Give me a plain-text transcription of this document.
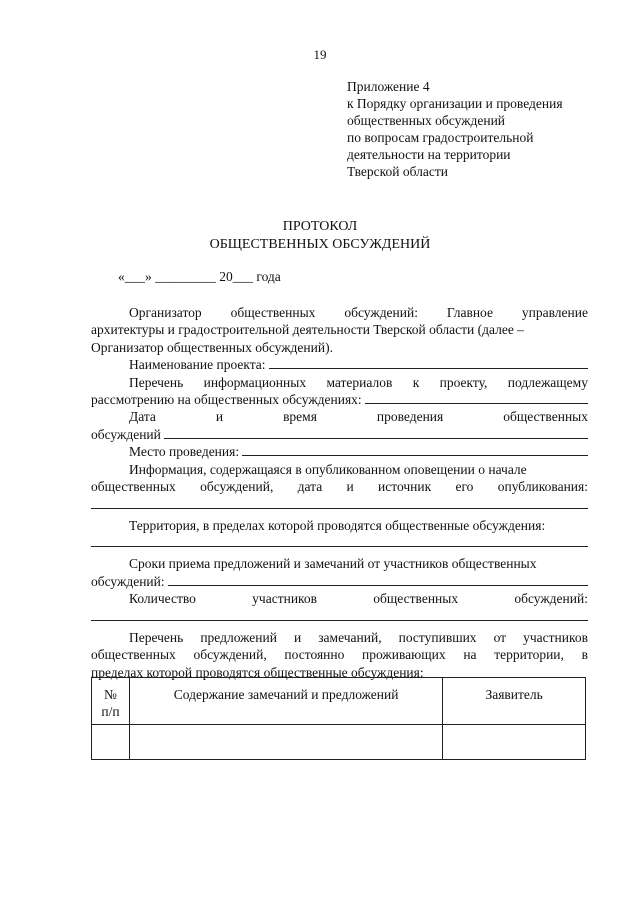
19
Приложение 4
к Порядку организации и проведения
общественных обсуждений
по вопросам градостроительной
деятельности на территории
Тверской области
ПРОТОКОЛ
ОБЩЕСТВЕННЫХ ОБСУЖДЕНИЙ
«___» _________ 20___ года
Организатор общественных обсуждений: Главное управление
архитектуры и градостроительной деятельности Тверской области (далее –
Организатор общественных обсуждений).
Наименование проекта:
Перечень информационных материалов к проекту, подлежащему
рассмотрению на общественных обсуждениях:
Дата	и	время	проведения	общественных
обсуждений
Место проведения:
Информация, содержащаяся в опубликованном оповещении о начале
общественных обсуждений, дата и источник его опубликования:
Территория, в пределах которой проводятся общественные обсуждения:
Сроки приема предложений и замечаний от участников общественных
обсуждений:
Количество	участников	общественных	обсуждений:
Перечень предложений и замечаний, поступивших от участников
общественных обсуждений, постоянно проживающих на территории, в
пределах которой проводятся общественные обсуждения:
№
п/п	Содержание замечаний и предложений	Заявитель
